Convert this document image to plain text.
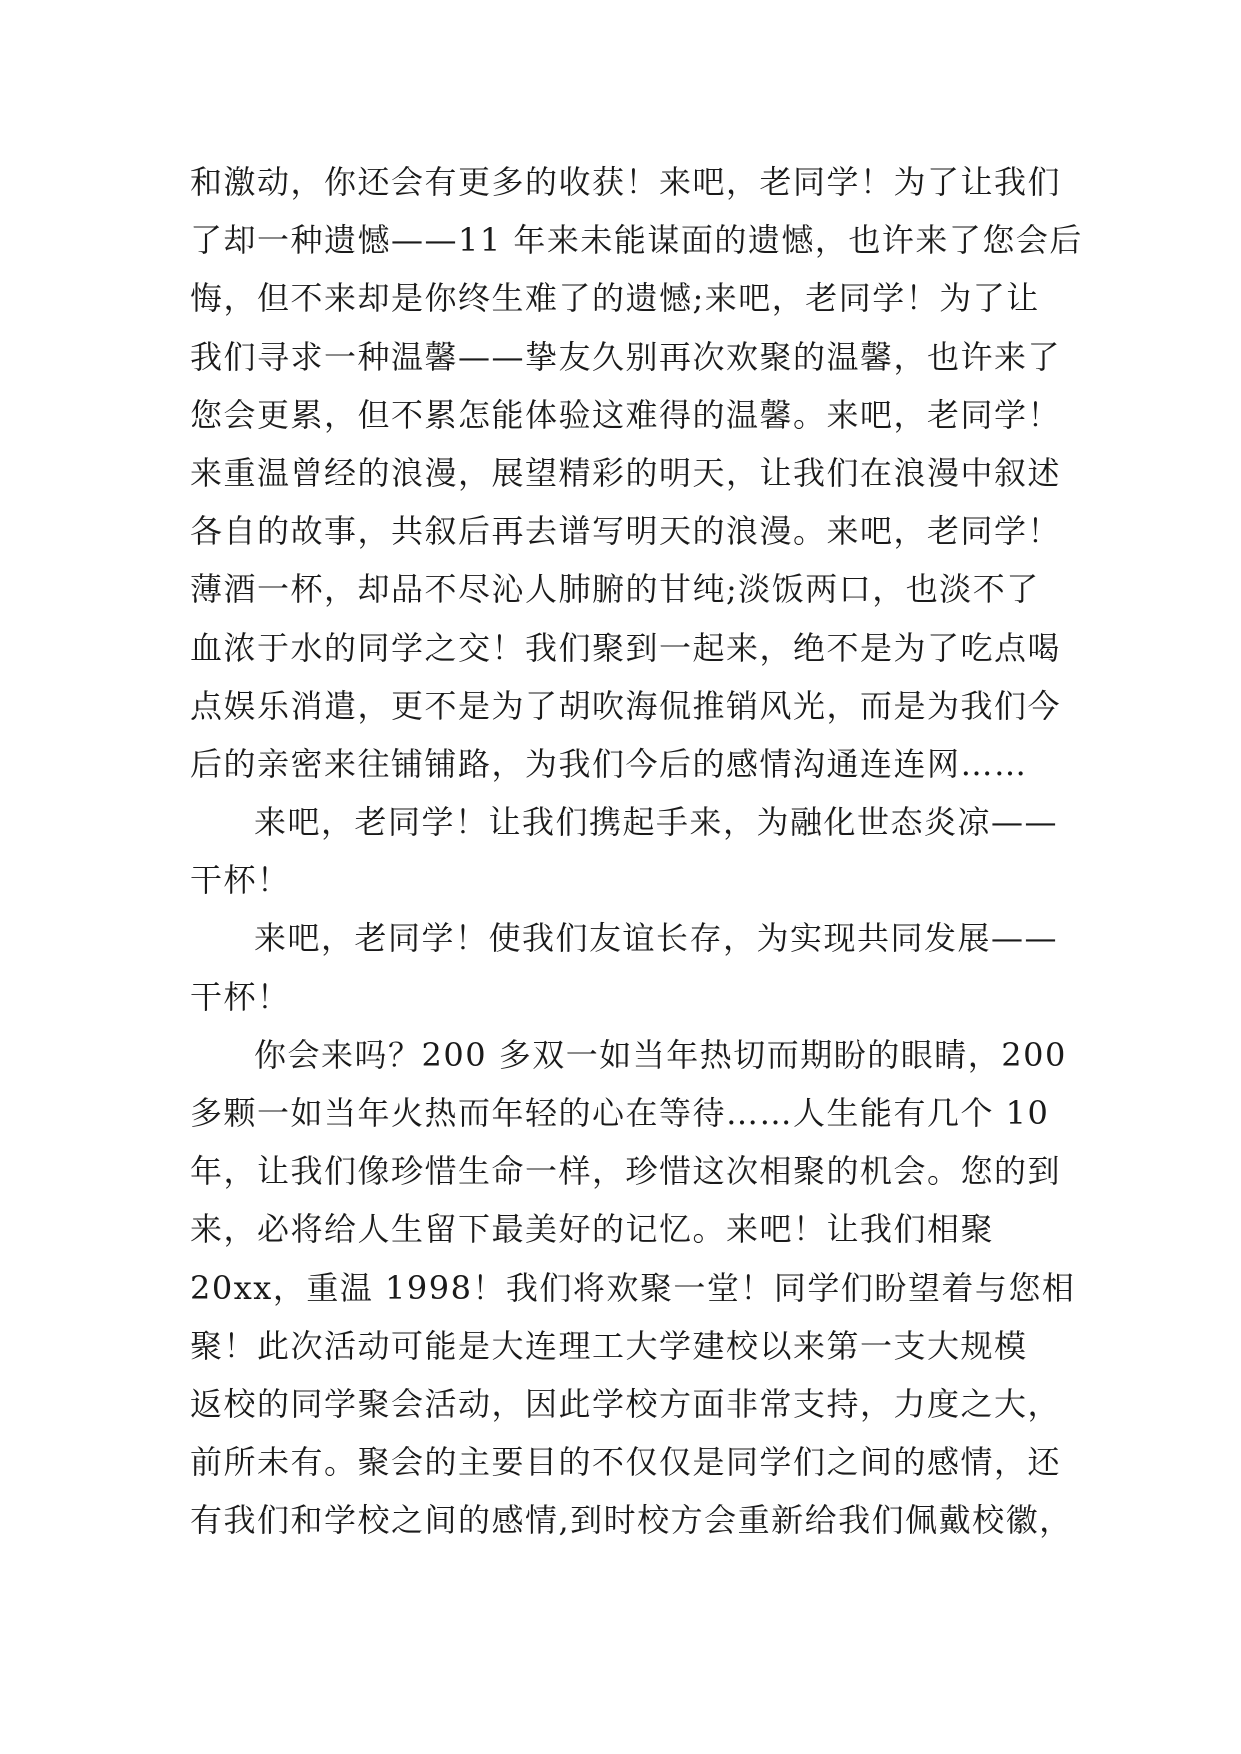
和激动，你还会有更多的收获！来吧，老同学！为了让我们
了却一种遗憾——11 年来未能谋面的遗憾，也许来了您会后
悔，但不来却是你终生难了的遗憾;来吧，老同学！为了让
我们寻求一种温馨——挚友久别再次欢聚的温馨，也许来了
您会更累，但不累怎能体验这难得的温馨。来吧，老同学！
来重温曾经的浪漫，展望精彩的明天，让我们在浪漫中叙述
各自的故事，共叙后再去谱写明天的浪漫。来吧，老同学！
薄酒一杯，却品不尽沁人肺腑的甘纯;淡饭两口，也淡不了
血浓于水的同学之交！我们聚到一起来，绝不是为了吃点喝
点娱乐消遣，更不是为了胡吹海侃推销风光，而是为我们今
后的亲密来往铺铺路，为我们今后的感情沟通连连网……
来吧，老同学！让我们携起手来，为融化世态炎凉——
干杯！
来吧，老同学！使我们友谊长存，为实现共同发展——
干杯！
你会来吗？200 多双一如当年热切而期盼的眼睛，200
多颗一如当年火热而年轻的心在等待……人生能有几个 10
年，让我们像珍惜生命一样，珍惜这次相聚的机会。您的到
来，必将给人生留下最美好的记忆。来吧！让我们相聚
20xx，重温 1998！我们将欢聚一堂！同学们盼望着与您相
聚！此次活动可能是大连理工大学建校以来第一支大规模
返校的同学聚会活动，因此学校方面非常支持，力度之大，
前所未有。聚会的主要目的不仅仅是同学们之间的感情，还
有我们和学校之间的感情,到时校方会重新给我们佩戴校徽，
